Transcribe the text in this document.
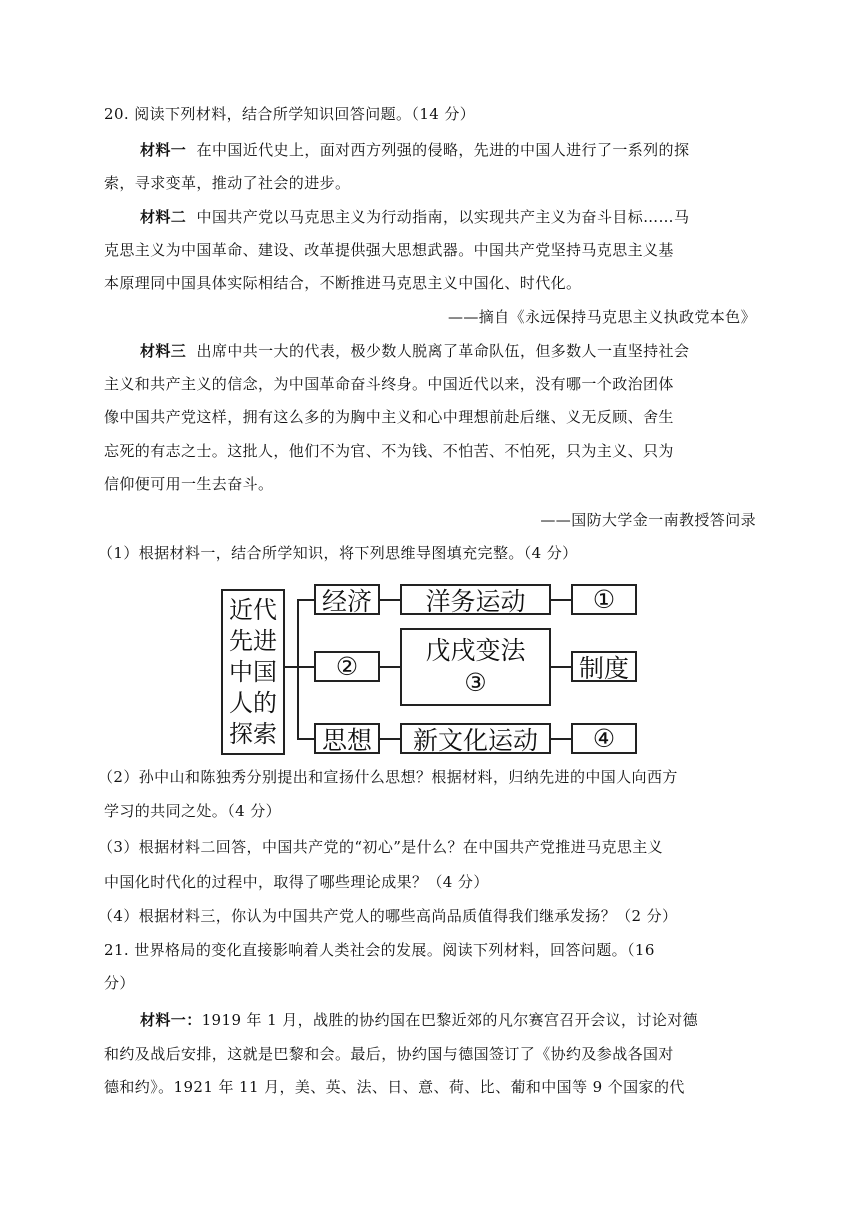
20. 阅读下列材料，结合所学知识回答问题。（14 分）
材料一 在中国近代史上，面对西方列强的侵略，先进的中国人进行了一系列的探
索，寻求变革，推动了社会的进步。
材料二 中国共产党以马克思主义为行动指南，以实现共产主义为奋斗目标……马
克思主义为中国革命、建设、改革提供强大思想武器。中国共产党坚持马克思主义基
本原理同中国具体实际相结合，不断推进马克思主义中国化、时代化。
——摘自《永远保持马克思主义执政党本色》
材料三 出席中共一大的代表，极少数人脱离了革命队伍，但多数人一直坚持社会
主义和共产主义的信念，为中国革命奋斗终身。中国近代以来，没有哪一个政治团体
像中国共产党这样，拥有这么多的为胸中主义和心中理想前赴后继、义无反顾、舍生
忘死的有志之士。这批人，他们不为官、不为钱、不怕苦、不怕死，只为主义、只为
信仰便可用一生去奋斗。
——国防大学金一南教授答问录
（1）根据材料一，结合所学知识，将下列思维导图填充完整。（4 分）
近代
先进
中国
人的
探索
经济	洋务运动	①
②
戊戌变法
③	制度
思想	新文化运动	④
（2）孙中山和陈独秀分别提出和宣扬什么思想？根据材料，归纳先进的中国人向西方
学习的共同之处。（4 分）
（3）根据材料二回答，中国共产党的“初心”是什么？在中国共产党推进马克思主义
中国化时代化的过程中，取得了哪些理论成果？（4 分）
（4）根据材料三，你认为中国共产党人的哪些高尚品质值得我们继承发扬？（2 分）
21. 世界格局的变化直接影响着人类社会的发展。阅读下列材料，回答问题。（16
分）
材料一：1919 年 1 月，战胜的协约国在巴黎近郊的凡尔赛宫召开会议，讨论对德
和约及战后安排，这就是巴黎和会。最后，协约国与德国签订了《协约及参战各国对
德和约》。1921 年 11 月，美、英、法、日、意、荷、比、葡和中国等 9 个国家的代
